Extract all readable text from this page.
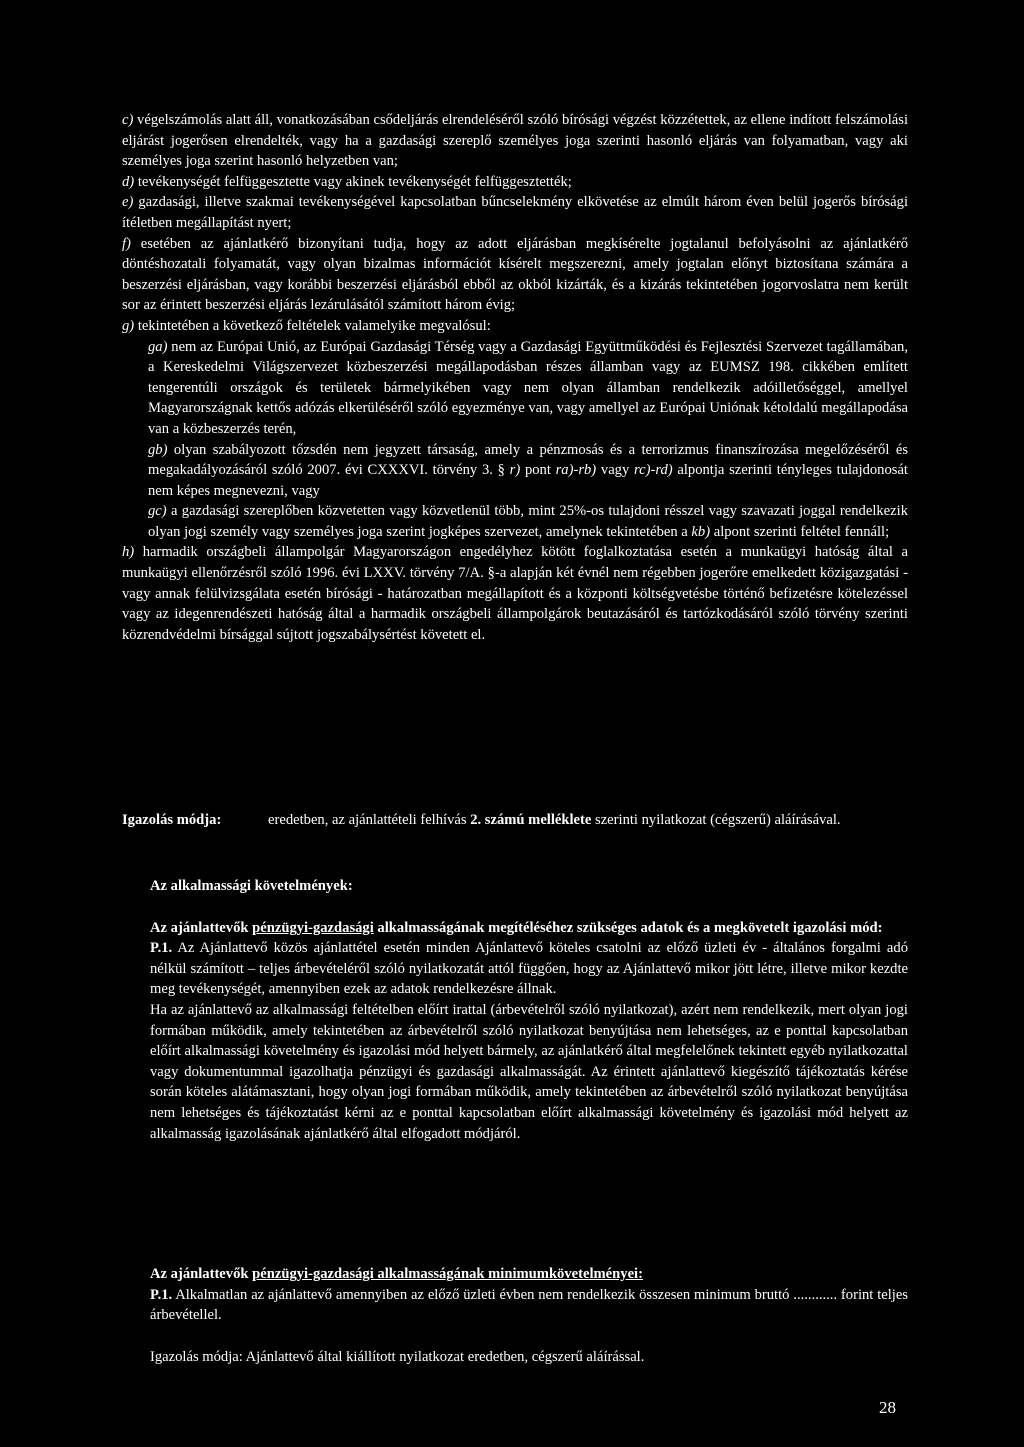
c) végelszámolás alatt áll, vonatkozásában csődeljárás elrendeléséről szóló bírósági végzést közzétettek, az ellene indított felszámolási eljárást jogerősen elrendelték, vagy ha a gazdasági szereplő személyes joga szerinti hasonló eljárás van folyamatban, vagy aki személyes joga szerint hasonló helyzetben van;

d) tevékenységét felfüggesztette vagy akinek tevékenységét felfüggesztették;

e) gazdasági, illetve szakmai tevékenységével kapcsolatban bűncselekmény elkövetése az elmúlt három éven belül jogerős bírósági ítéletben megállapítást nyert;

f) esetében az ajánlatkérő bizonyítani tudja, hogy az adott eljárásban megkísérelte jogtalanul befolyásolni az ajánlatkérő döntéshozatali folyamatát, vagy olyan bizalmas információt kísérelt megszerezni, amely jogtalan előnyt biztosítana számára a beszerzési eljárásban, vagy korábbi beszerzési eljárásból ebből az okból kizárták, és a kizárás tekintetében jogorvoslatra nem került sor az érintett beszerzési eljárás lezárulásától számított három évig;

g) tekintetében a következő feltételek valamelyike megvalósul:

ga) nem az Európai Unió, az Európai Gazdasági Térség vagy a Gazdasági Együttműködési és Fejlesztési Szervezet tagállamában, a Kereskedelmi Világszervezet közbeszerzési megállapodásban részes államban vagy az EUMSZ 198. cikkében említett tengerentúli országok és területek bármelyikében vagy nem olyan államban rendelkezik adóilletőséggel, amellyel Magyarországnak kettős adózás elkerüléséről szóló egyezménye van, vagy amellyel az Európai Uniónak kétoldalú megállapodása van a közbeszerzés terén,

gb) olyan szabályozott tőzsdén nem jegyzett társaság, amely a pénzmosás és a terrorizmus finanszírozása megelőzéséről és megakadályozásáról szóló 2007. évi CXXXVI. törvény 3. § r) pont ra)-rb) vagy rc)-rd) alpontja szerinti tényleges tulajdonosát nem képes megnevezni, vagy

gc) a gazdasági szereplőben közvetetten vagy közvetlenül több, mint 25%-os tulajdoni résszel vagy szavazati joggal rendelkezik olyan jogi személy vagy személyes joga szerint jogképes szervezet, amelynek tekintetében a kb) alpont szerinti feltétel fennáll;

h) harmadik országbeli állampolgár Magyarországon engedélyhez kötött foglalkoztatása esetén a munkaügyi hatóság által a munkaügyi ellenőrzésről szóló 1996. évi LXXV. törvény 7/A. §-a alapján két évnél nem régebben jogerőre emelkedett közigazgatási - vagy annak felülvizsgálata esetén bírósági - határozatban megállapított és a központi költségvetésbe történő befizetésre kötelezéssel vagy az idegenrendészeti hatóság által a harmadik országbeli állampolgárok beutazásáról és tartózkodásáról szóló törvény szerinti közrendvédelmi bírsággal sújtott jogszabálysértést követett el.

Igazolás módja:	eredetben, az ajánlattételi felhívás 2. számú melléklete szerinti nyilatkozat (cégszerű) aláírásával.

Az alkalmassági követelmények:

Az ajánlattevők pénzügyi-gazdasági alkalmasságának megítéléséhez szükséges adatok és a megkövetelt igazolási mód:

P.1. Az Ajánlattevő közös ajánlattétel esetén minden Ajánlattevő köteles csatolni az előző üzleti év - általános forgalmi adó nélkül számított – teljes árbevételéről szóló nyilatkozatát attól függően, hogy az Ajánlattevő mikor jött létre, illetve mikor kezdte meg tevékenységét, amennyiben ezek az adatok rendelkezésre állnak.

Ha az ajánlattevő az alkalmassági feltételben előírt irattal (árbevételről szóló nyilatkozat), azért nem rendelkezik, mert olyan jogi formában működik, amely tekintetében az árbevételről szóló nyilatkozat benyújtása nem lehetséges, az e ponttal kapcsolatban előírt alkalmassági követelmény és igazolási mód helyett bármely, az ajánlatkérő által megfelelőnek tekintett egyéb nyilatkozattal vagy dokumentummal igazolhatja pénzügyi és gazdasági alkalmasságát. Az érintett ajánlattevő kiegészítő tájékoztatás kérése során köteles alátámasztani, hogy olyan jogi formában működik, amely tekintetében az árbevételről szóló nyilatkozat benyújtása nem lehetséges és tájékoztatást kérni az e ponttal kapcsolatban előírt alkalmassági követelmény és igazolási mód helyett az alkalmasság igazolásának ajánlatkérő által elfogadott módjáról.

Az ajánlattevők pénzügyi-gazdasági alkalmasságának minimumkövetelményei:

P.1. Alkalmatlan az ajánlattevő amennyiben az előző üzleti évben nem rendelkezik összesen minimum bruttó ............ forint teljes árbevétellel.

Igazolás módja: Ajánlattevő által kiállított nyilatkozat eredetben, cégszerű aláírással.

28
